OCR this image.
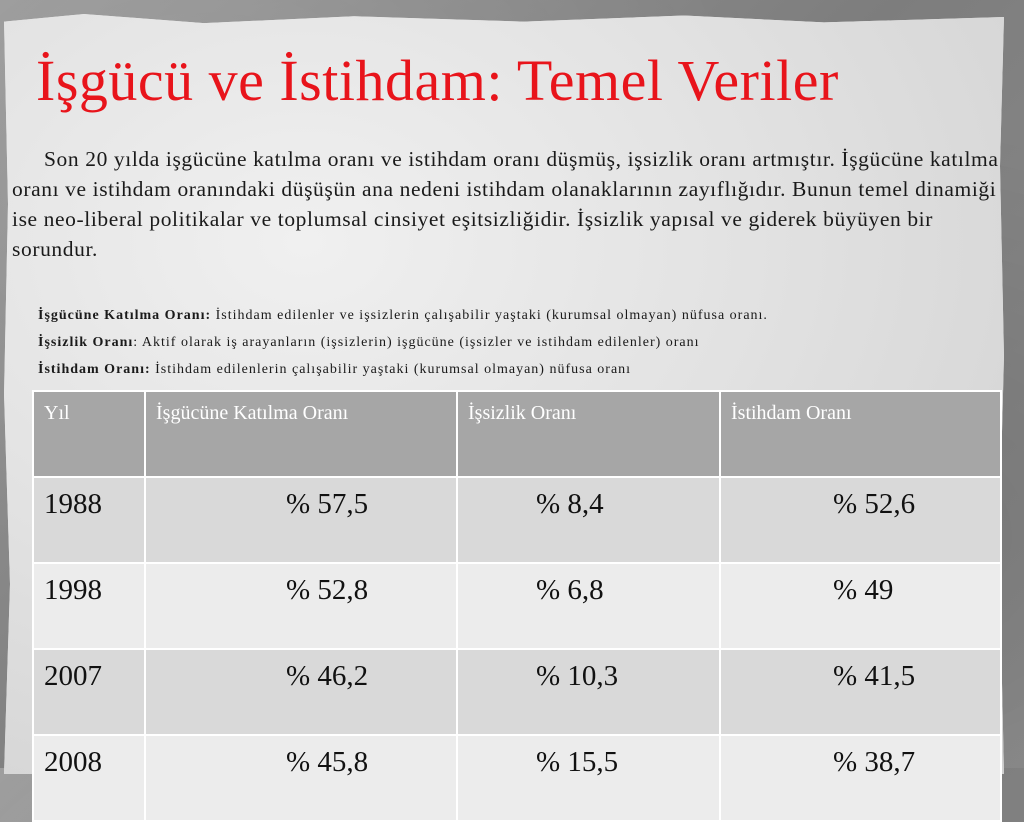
İşgücü ve İstihdam: Temel Veriler

Son 20 yılda işgücüne katılma oranı ve istihdam oranı düşmüş, işsizlik oranı artmıştır. İşgücüne katılma oranı ve istihdam oranındaki düşüşün ana nedeni istihdam olanaklarının zayıflığıdır. Bunun temel dinamiği ise neo-liberal politikalar ve toplumsal cinsiyet eşitsizliğidir. İşsizlik yapısal ve giderek büyüyen bir sorundur.

İşgücüne Katılma Oranı: İstihdam edilenler ve işsizlerin çalışabilir yaştaki (kurumsal olmayan) nüfusa oranı.
İşsizlik Oranı: Aktif olarak iş arayanların (işsizlerin) işgücüne (işsizler ve istihdam edilenler) oranı
İstihdam Oranı: İstihdam edilenlerin çalışabilir yaştaki (kurumsal olmayan) nüfusa oranı
Yıl	İşgücüne Katılma Oranı	İşsizlik Oranı	İstihdam Oranı
1988	% 57,5	% 8,4	% 52,6
1998	% 52,8	% 6,8	% 49
2007	% 46,2	% 10,3	% 41,5
2008	% 45,8	% 15,5	% 38,7
